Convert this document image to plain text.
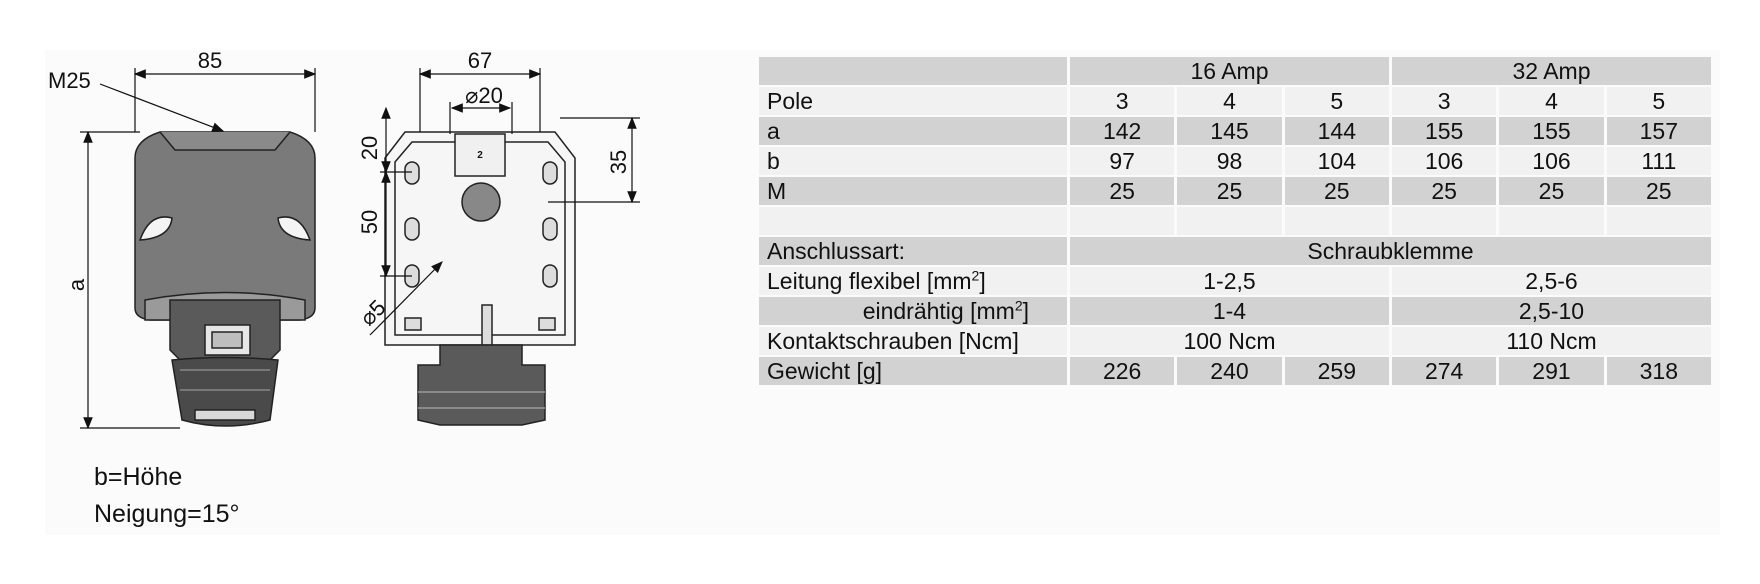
85
M25
a
2
67
⌀20
20
50
35
⌀5
b=Höhe
Neigung=15°
	16 Amp			32 Amp		
Pole	3	4	5	3	4	5
a	142	145	144	155	155	157
b	97	98	104	106	106	111
M	25	25	25	25	25	25

Anschlussart:	Schraubklemme					
Leitung flexibel $[mm^2]$	1-2,5			2,5-6		
eindrähtig $[mm^2]$	1-4			2,5-10		
Kontaktschrauben [Ncm]	100 Ncm			110 Ncm		
Gewicht [g]	226	240	259	274	291	318
